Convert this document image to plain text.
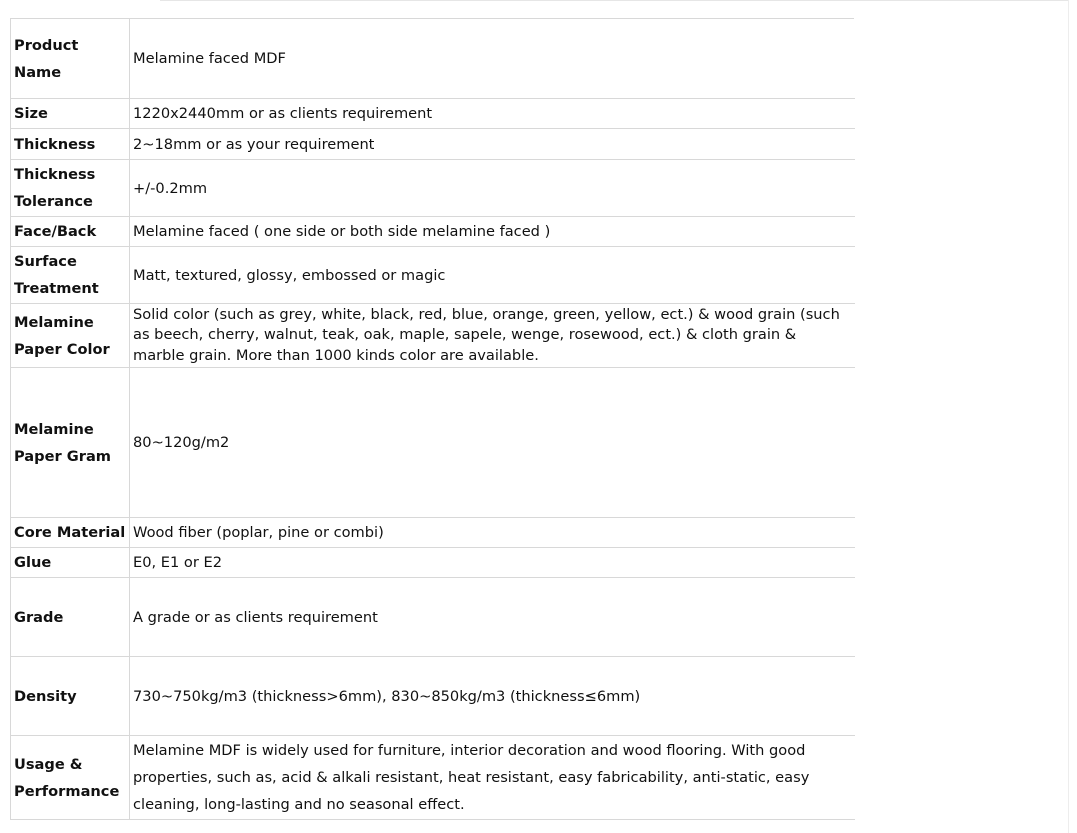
Product Name	Melamine faced MDF
Size	1220x2440mm or as clients requirement
Thickness	2~18mm or as your requirement
Thickness Tolerance	+/-0.2mm
Face/Back	Melamine faced ( one side or both side melamine faced )
Surface Treatment	Matt, textured, glossy, embossed or magic
Melamine Paper Color	Solid color (such as grey, white, black, red, blue, orange, green, yellow, ect.) & wood grain (such as beech, cherry, walnut, teak, oak, maple, sapele, wenge, rosewood, ect.) & cloth grain & marble grain. More than 1000 kinds color are available.
Melamine Paper Gram	80~120g/m2
Core Material	Wood fiber (poplar, pine or combi)
Glue	E0, E1 or E2
Grade	A grade or as clients requirement
Density	730~750kg/m3 (thickness>6mm), 830~850kg/m3 (thickness≤6mm)
Usage & Performance	Melamine MDF is widely used for furniture, interior decoration and wood flooring. With good properties, such as, acid & alkali resistant, heat resistant, easy fabricability, anti-static, easy cleaning, long-lasting and no seasonal effect.
